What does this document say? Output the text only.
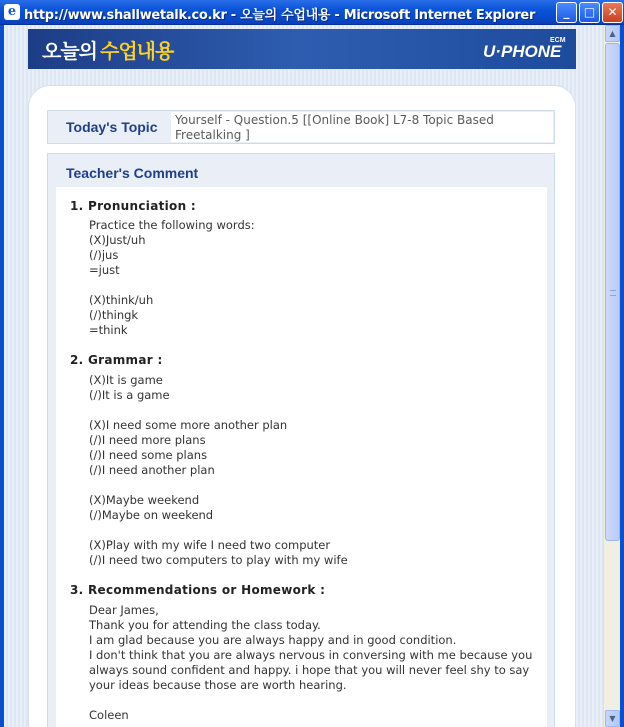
e http://www.shallwetalk.co.kr - 오늘의 수업내용 - Microsoft Internet Explorer	_	□	✕
오늘의 수업내용	U·PHONE
ECM
Today's Topic	Yourself - Question.5 [[Online Book] L7-8 Topic Based Freetalking ]
Teacher's Comment
1. Pronunciation :
Practice the following words:
(X)Just/uh
(/)jus
=just

(X)think/uh
(/)thingk
=think
2. Grammar :
(X)It is game
(/)It is a game

(X)I need some more another plan
(/)I need more plans
(/)I need some plans
(/)I need another plan

(X)Maybe weekend
(/)Maybe on weekend

(X)Play with my wife I need two computer
(/)I need two computers to play with my wife
3. Recommendations or Homework :
Dear James,
Thank you for attending the class today.
I am glad because you are always happy and in good condition.
I don't think that you are always nervous in conversing with me because you
always sound confident and happy. i hope that you will never feel shy to say
your ideas because those are worth hearing.

Coleen
▲
▼
